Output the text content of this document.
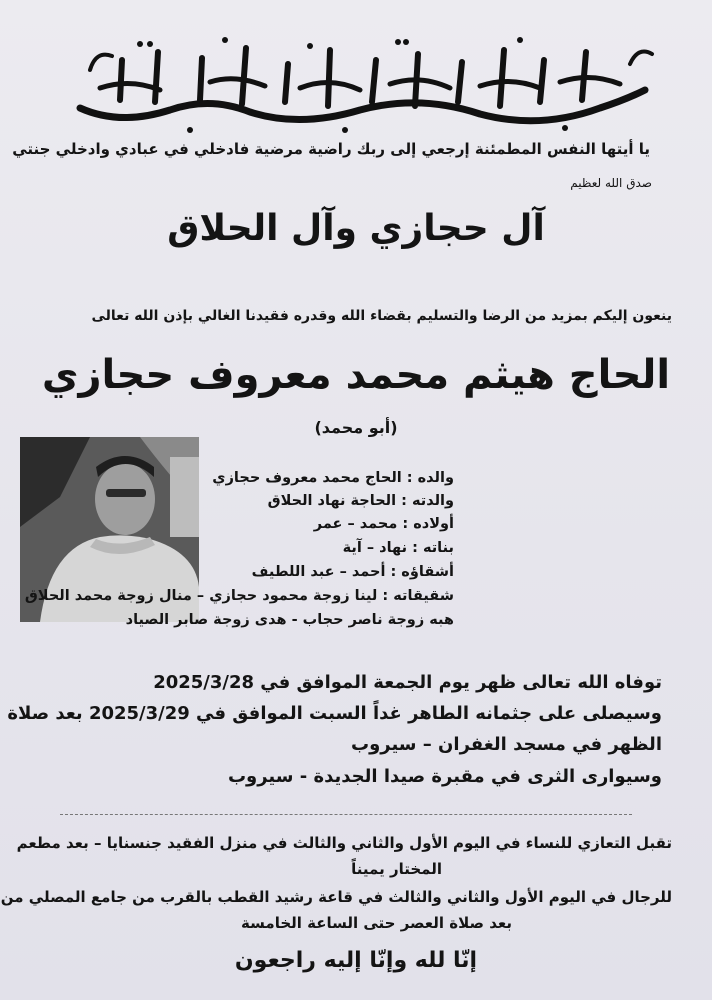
يا أيتها النفس المطمئنة إرجعي إلى ربك راضية مرضية فادخلي في عبادي وادخلي جنتي
صدق الله لعظيم
آل حجازي وآل الحلاق
ينعون إليكم بمزيد من الرضا والتسليم بقضاء الله وقدره فقيدنا الغالي بإذن الله تعالى
الحاج هيثم محمد معروف حجازي
(أبو محمد)
والده : الحاج محمد معروف حجازي
والدته : الحاجة نهاد الحلاق
أولاده : محمد – عمر
بناته : نهاد – آية
أشقاؤه : أحمد – عبد اللطيف
شقيقاته : لينا زوجة محمود حجازي – منال زوجة محمد الحلاق
هبه زوجة ناصر حجاب - هدى زوجة صابر الصياد
توفاه الله تعالى ظهر يوم الجمعة الموافق في 2025/3/28
وسيصلى على جثمانه الطاهر غداً السبت الموافق في 2025/3/29 بعد صلاة
الظهر في مسجد الغفران – سيروب
وسيوارى الثرى في مقبرة صيدا الجديدة - سيروب
تقبل التعازي للنساء في اليوم الأول والثاني والثالث في منزل الفقيد جنسنايا – بعد مطعم
المختار يميناً
للرجال في اليوم الأول والثاني والثالث في قاعة رشيد القطب بالقرب من جامع المصلي من
بعد صلاة العصر حتى الساعة الخامسة
إنّا لله وإنّا إليه راجعون
